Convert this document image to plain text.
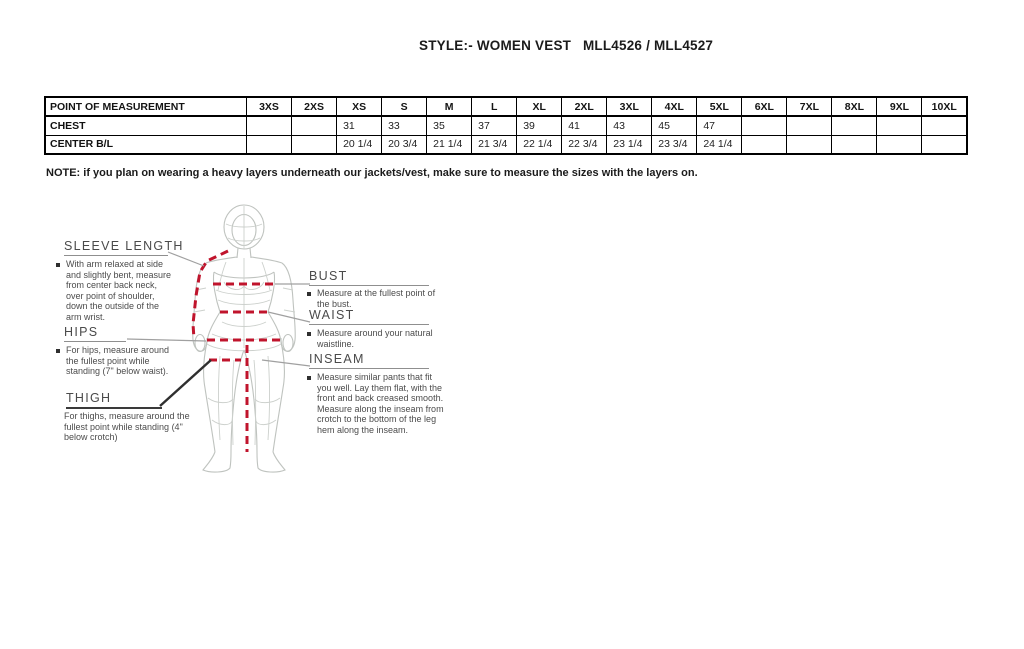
STYLE:- WOMEN VEST   MLL4526 / MLL4527
POINT OF MEASUREMENT	3XS	2XS	XS	S	M	L	XL	2XL	3XL	4XL	5XL	6XL	7XL	8XL	9XL	10XL
CHEST			31	33	35	37	39	41	43	45	47					
CENTER B/L			20 1/4	20 3/4	21 1/4	21 3/4	22 1/4	22 3/4	23 1/4	23 3/4	24 1/4					
NOTE: if you plan on wearing a heavy layers underneath our jackets/vest, make sure to measure the sizes with the layers on.
SLEEVE LENGTH
With arm relaxed at side and slightly bent, measure from center back neck, over point of shoulder, down the outside of the arm wrist.
HIPS
For hips, measure around the fullest point while standing (7" below waist).
THIGH
For thighs, measure around the fullest point while standing (4" below crotch)
BUST
Measure at the fullest point of the bust.
WAIST
Measure around your natural waistline.
INSEAM
Measure similar pants that fit you well. Lay them flat, with the front and back creased smooth. Measure along the inseam from crotch to the bottom of the leg hem along the inseam.
